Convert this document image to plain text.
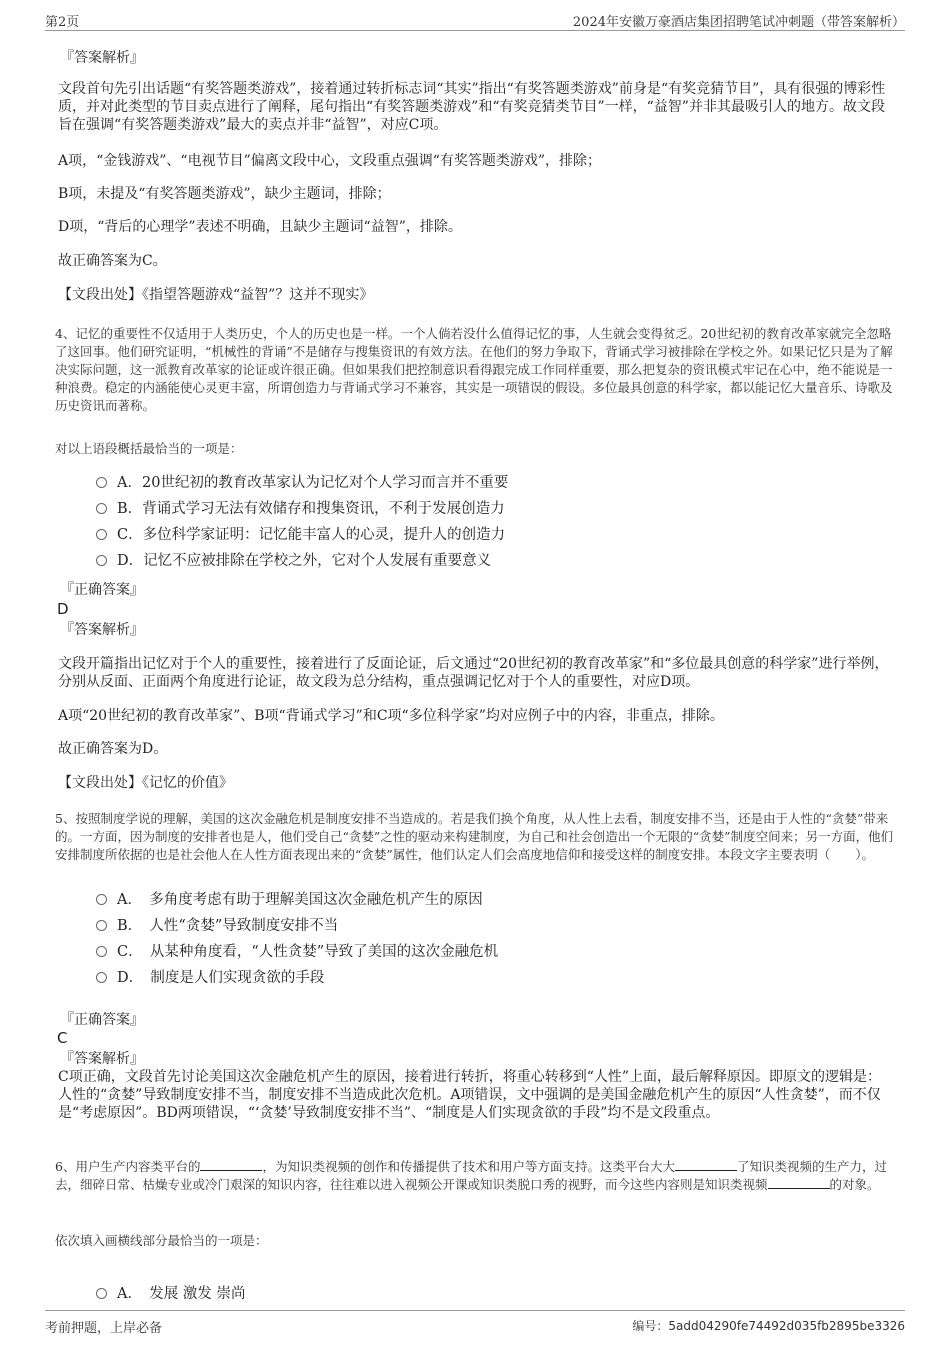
第2页	2024年安徽万豪酒店集团招聘笔试冲刺题（带答案解析）

『答案解析』

文段首句先引出话题“有奖答题类游戏”，接着通过转折标志词“其实”指出“有奖答题类游戏”前身是“有奖竞猜节目”，具有很强的博彩性质，并对此类型的节目卖点进行了阐释，尾句指出“有奖答题类游戏”和“有奖竞猜类节目”一样，“益智”并非其最吸引人的地方。故文段旨在强调“有奖答题类游戏”最大的卖点并非“益智”，对应C项。

A项，“金钱游戏”、“电视节目”偏离文段中心，文段重点强调“有奖答题类游戏”，排除；

B项，未提及“有奖答题类游戏”，缺少主题词，排除；

D项，“背后的心理学”表述不明确，且缺少主题词“益智”，排除。

故正确答案为C。

【文段出处】《指望答题游戏“益智”？这并不现实》

4、记忆的重要性不仅适用于人类历史，个人的历史也是一样。一个人倘若没什么值得记忆的事，人生就会变得贫乏。20世纪初的教育改革家就完全忽略了这回事。他们研究证明，“机械性的背诵”不是储存与搜集资讯的有效方法。在他们的努力争取下，背诵式学习被排除在学校之外。如果记忆只是为了解决实际问题，这一派教育改革家的论证或许很正确。但如果我们把控制意识看得跟完成工作同样重要，那么把复杂的资讯模式牢记在心中，绝不能说是一种浪费。稳定的内涵能使心灵更丰富，所谓创造力与背诵式学习不兼容，其实是一项错误的假设。多位最具创意的科学家，都以能记忆大量音乐、诗歌及历史资讯而著称。

对以上语段概括最恰当的一项是：

A．20世纪初的教育改革家认为记忆对个人学习而言并不重要
B．背诵式学习无法有效储存和搜集资讯，不利于发展创造力
C．多位科学家证明：记忆能丰富人的心灵，提升人的创造力
D．记忆不应被排除在学校之外，它对个人发展有重要意义

『正确答案』

D

『答案解析』

文段开篇指出记忆对于个人的重要性，接着进行了反面论证，后文通过“20世纪初的教育改革家”和“多位最具创意的科学家”进行举例，分别从反面、正面两个角度进行论证，故文段为总分结构，重点强调记忆对于个人的重要性，对应D项。

A项“20世纪初的教育改革家”、B项“背诵式学习”和C项“多位科学家”均对应例子中的内容，非重点，排除。

故正确答案为D。

【文段出处】《记忆的价值》

5、按照制度学说的理解，美国的这次金融危机是制度安排不当造成的。若是我们换个角度，从人性上去看，制度安排不当，还是由于人性的“贪婪”带来的。一方面，因为制度的安排者也是人，他们受自己“贪婪”之性的驱动来构建制度，为自己和社会创造出一个无限的“贪婪”制度空间来；另一方面，他们安排制度所依据的也是社会他人在人性方面表现出来的“贪婪”属性，他们认定人们会高度地信仰和接受这样的制度安排。本段文字主要表明（　　）。

A．　多角度考虑有助于理解美国这次金融危机产生的原因
B．　人性“贪婪”导致制度安排不当
C．　从某种角度看，“人性贪婪”导致了美国的这次金融危机
D．　制度是人们实现贪欲的手段

『正确答案』

C

『答案解析』

C项正确，文段首先讨论美国这次金融危机产生的原因，接着进行转折，将重心转移到“人性”上面，最后解释原因。即原文的逻辑是：人性的“贪婪”导致制度安排不当，制度安排不当造成此次危机。A项错误，文中强调的是美国金融危机产生的原因“人性贪婪”，而不仅是“考虑原因”。BD两项错误，“‘贪婪’导致制度安排不当”、“制度是人们实现贪欲的手段”均不是文段重点。

6、用户生产内容类平台的	，为知识类视频的创作和传播提供了技术和用户等方面支持。这类平台大大	了知识类视频的生产力，过去，细碎日常、枯燥专业或冷门艰深的知识内容，往往难以进入视频公开课或知识类脱口秀的视野，而今这些内容则是知识类视频	的对象。

依次填入画横线部分最恰当的一项是：

A．　发展 激发 崇尚
考前押题，上岸必备	编号：5add04290fe74492d035fb2895be3326
